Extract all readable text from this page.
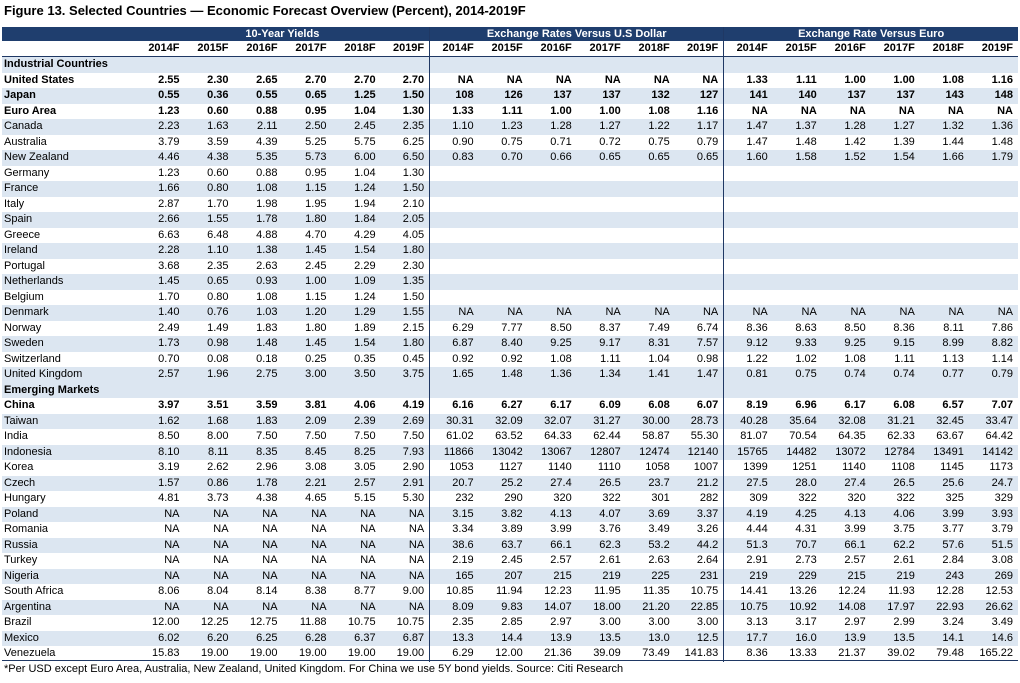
Figure 13. Selected Countries — Economic Forecast Overview (Percent), 2014-2019F
	10-Year Yields						Exchange Rates Versus U.S Dollar						Exchange Rate Versus Euro					
	2014F	2015F	2016F	2017F	2018F	2019F	2014F	2015F	2016F	2017F	2018F	2019F	2014F	2015F	2016F	2017F	2018F	2019F
Industrial Countries																		
United States	2.55	2.30	2.65	2.70	2.70	2.70	NA	NA	NA	NA	NA	NA	1.33	1.11	1.00	1.00	1.08	1.16
Japan	0.55	0.36	0.55	0.65	1.25	1.50	108	126	137	137	132	127	141	140	137	137	143	148
Euro Area	1.23	0.60	0.88	0.95	1.04	1.30	1.33	1.11	1.00	1.00	1.08	1.16	NA	NA	NA	NA	NA	NA
Canada	2.23	1.63	2.11	2.50	2.45	2.35	1.10	1.23	1.28	1.27	1.22	1.17	1.47	1.37	1.28	1.27	1.32	1.36
Australia	3.79	3.59	4.39	5.25	5.75	6.25	0.90	0.75	0.71	0.72	0.75	0.79	1.47	1.48	1.42	1.39	1.44	1.48
New Zealand	4.46	4.38	5.35	5.73	6.00	6.50	0.83	0.70	0.66	0.65	0.65	0.65	1.60	1.58	1.52	1.54	1.66	1.79
Germany	1.23	0.60	0.88	0.95	1.04	1.30												
France	1.66	0.80	1.08	1.15	1.24	1.50												
Italy	2.87	1.70	1.98	1.95	1.94	2.10												
Spain	2.66	1.55	1.78	1.80	1.84	2.05												
Greece	6.63	6.48	4.88	4.70	4.29	4.05												
Ireland	2.28	1.10	1.38	1.45	1.54	1.80												
Portugal	3.68	2.35	2.63	2.45	2.29	2.30												
Netherlands	1.45	0.65	0.93	1.00	1.09	1.35												
Belgium	1.70	0.80	1.08	1.15	1.24	1.50												
Denmark	1.40	0.76	1.03	1.20	1.29	1.55	NA	NA	NA	NA	NA	NA	NA	NA	NA	NA	NA	NA
Norway	2.49	1.49	1.83	1.80	1.89	2.15	6.29	7.77	8.50	8.37	7.49	6.74	8.36	8.63	8.50	8.36	8.11	7.86
Sweden	1.73	0.98	1.48	1.45	1.54	1.80	6.87	8.40	9.25	9.17	8.31	7.57	9.12	9.33	9.25	9.15	8.99	8.82
Switzerland	0.70	0.08	0.18	0.25	0.35	0.45	0.92	0.92	1.08	1.11	1.04	0.98	1.22	1.02	1.08	1.11	1.13	1.14
United Kingdom	2.57	1.96	2.75	3.00	3.50	3.75	1.65	1.48	1.36	1.34	1.41	1.47	0.81	0.75	0.74	0.74	0.77	0.79
Emerging Markets																		
China	3.97	3.51	3.59	3.81	4.06	4.19	6.16	6.27	6.17	6.09	6.08	6.07	8.19	6.96	6.17	6.08	6.57	7.07
Taiwan	1.62	1.68	1.83	2.09	2.39	2.69	30.31	32.09	32.07	31.27	30.00	28.73	40.28	35.64	32.08	31.21	32.45	33.47
India	8.50	8.00	7.50	7.50	7.50	7.50	61.02	63.52	64.33	62.44	58.87	55.30	81.07	70.54	64.35	62.33	63.67	64.42
Indonesia	8.10	8.11	8.35	8.45	8.25	7.93	11866	13042	13067	12807	12474	12140	15765	14482	13072	12784	13491	14142
Korea	3.19	2.62	2.96	3.08	3.05	2.90	1053	1127	1140	1110	1058	1007	1399	1251	1140	1108	1145	1173
Czech	1.57	0.86	1.78	2.21	2.57	2.91	20.7	25.2	27.4	26.5	23.7	21.2	27.5	28.0	27.4	26.5	25.6	24.7
Hungary	4.81	3.73	4.38	4.65	5.15	5.30	232	290	320	322	301	282	309	322	320	322	325	329
Poland	NA	NA	NA	NA	NA	NA	3.15	3.82	4.13	4.07	3.69	3.37	4.19	4.25	4.13	4.06	3.99	3.93
Romania	NA	NA	NA	NA	NA	NA	3.34	3.89	3.99	3.76	3.49	3.26	4.44	4.31	3.99	3.75	3.77	3.79
Russia	NA	NA	NA	NA	NA	NA	38.6	63.7	66.1	62.3	53.2	44.2	51.3	70.7	66.1	62.2	57.6	51.5
Turkey	NA	NA	NA	NA	NA	NA	2.19	2.45	2.57	2.61	2.63	2.64	2.91	2.73	2.57	2.61	2.84	3.08
Nigeria	NA	NA	NA	NA	NA	NA	165	207	215	219	225	231	219	229	215	219	243	269
South Africa	8.06	8.04	8.14	8.38	8.77	9.00	10.85	11.94	12.23	11.95	11.35	10.75	14.41	13.26	12.24	11.93	12.28	12.53
Argentina	NA	NA	NA	NA	NA	NA	8.09	9.83	14.07	18.00	21.20	22.85	10.75	10.92	14.08	17.97	22.93	26.62
Brazil	12.00	12.25	12.75	11.88	10.75	10.75	2.35	2.85	2.97	3.00	3.00	3.00	3.13	3.17	2.97	2.99	3.24	3.49
Mexico	6.02	6.20	6.25	6.28	6.37	6.87	13.3	14.4	13.9	13.5	13.0	12.5	17.7	16.0	13.9	13.5	14.1	14.6
Venezuela	15.83	19.00	19.00	19.00	19.00	19.00	6.29	12.00	21.36	39.09	73.49	141.83	8.36	13.33	21.37	39.02	79.48	165.22
*Per USD except Euro Area, Australia, New Zealand, United Kingdom. For China we use 5Y bond yields. Source: Citi Research
